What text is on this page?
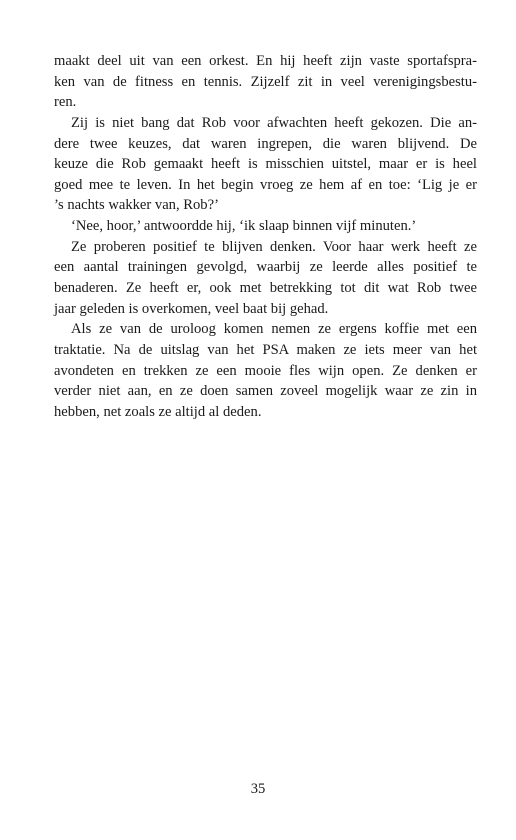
maakt deel uit van een orkest. En hij heeft zijn vaste sportafspra-
ken van de fitness en tennis. Zijzelf zit in veel verenigingsbestu-
ren.
Zij is niet bang dat Rob voor afwachten heeft gekozen. Die an-
dere twee keuzes, dat waren ingrepen, die waren blijvend. De
keuze die Rob gemaakt heeft is misschien uitstel, maar er is heel
goed mee te leven. In het begin vroeg ze hem af en toe: ‘Lig je er
’s nachts wakker van, Rob?’
‘Nee, hoor,’ antwoordde hij, ‘ik slaap binnen vijf minuten.’
Ze proberen positief te blijven denken. Voor haar werk heeft ze
een aantal trainingen gevolgd, waarbij ze leerde alles positief te
benaderen. Ze heeft er, ook met betrekking tot dit wat Rob twee
jaar geleden is overkomen, veel baat bij gehad.
Als ze van de uroloog komen nemen ze ergens koffie met een
traktatie. Na de uitslag van het PSA maken ze iets meer van het
avondeten en trekken ze een mooie fles wijn open. Ze denken er
verder niet aan, en ze doen samen zoveel mogelijk waar ze zin in
hebben, net zoals ze altijd al deden.
35
